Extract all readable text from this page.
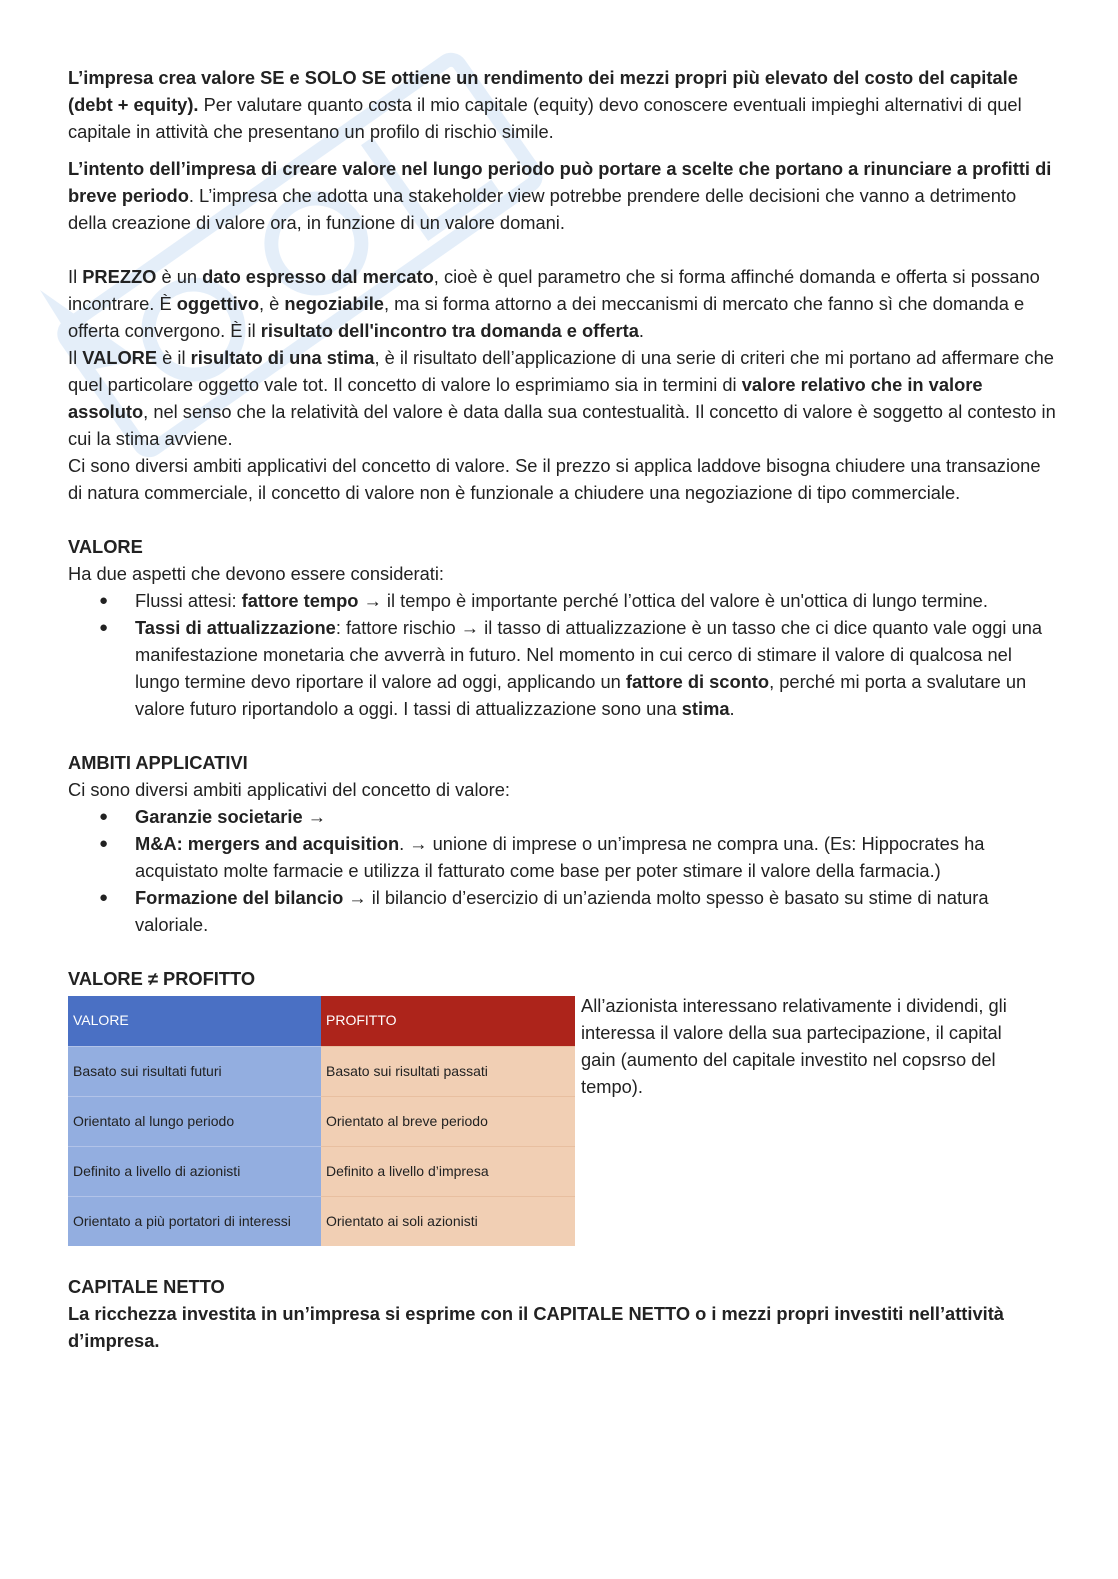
L’impresa crea valore SE e SOLO SE ottiene un rendimento dei mezzi propri più elevato del costo del capitale (debt + equity). Per valutare quanto costa il mio capitale (equity) devo conoscere eventuali impieghi alternativi di quel capitale in attività che presentano un profilo di rischio simile.

L’intento dell’impresa di creare valore nel lungo periodo può portare a scelte che portano a rinunciare a profitti di breve periodo. L’impresa che adotta una stakeholder view potrebbe prendere delle decisioni che vanno a detrimento della creazione di valore ora, in funzione di un valore domani.

Il PREZZO è un dato espresso dal mercato, cioè è quel parametro che si forma affinché domanda e offerta si possano incontrare. È oggettivo, è negoziabile, ma si forma attorno a dei meccanismi di mercato che fanno sì che domanda e offerta convergono. È il risultato dell'incontro tra domanda e offerta.

Il VALORE è il risultato di una stima, è il risultato dell’applicazione di una serie di criteri che mi portano ad affermare che quel particolare oggetto vale tot. Il concetto di valore lo esprimiamo sia in termini di valore relativo che in valore assoluto, nel senso che la relatività del valore è data dalla sua contestualità. Il concetto di valore è soggetto al contesto in cui la stima avviene.

Ci sono diversi ambiti applicativi del concetto di valore. Se il prezzo si applica laddove bisogna chiudere una transazione di natura commerciale, il concetto di valore non è funzionale a chiudere una negoziazione di tipo commerciale.

VALORE

Ha due aspetti che devono essere considerati:

● Flussi attesi: fattore tempo → il tempo è importante perché l’ottica del valore è un'ottica di lungo termine.
● Tassi di attualizzazione: fattore rischio → il tasso di attualizzazione è un tasso che ci dice quanto vale oggi una manifestazione monetaria che avverrà in futuro. Nel momento in cui cerco di stimare il valore di qualcosa nel lungo termine devo riportare il valore ad oggi, applicando un fattore di sconto, perché mi porta a svalutare un valore futuro riportandolo a oggi. I tassi di attualizzazione sono una stima.

AMBITI APPLICATIVI

Ci sono diversi ambiti applicativi del concetto di valore:

● Garanzie societarie →
● M&A: mergers and acquisition. → unione di imprese o un’impresa ne compra una. (Es: Hippocrates ha acquistato molte farmacie e utilizza il fatturato come base per poter stimare il valore della farmacia.)
● Formazione del bilancio → il bilancio d’esercizio di un’azienda molto spesso è basato su stime di natura valoriale.

VALORE ≠ PROFITTO

VALORE	PROFITTO
Basato sui risultati futuri	Basato sui risultati passati
Orientato al lungo periodo	Orientato al breve periodo
Definito a livello di azionisti	Definito a livello d’impresa
Orientato a più portatori di interessi	Orientato ai soli azionisti

All’azionista interessano relativamente i dividendi, gli interessa il valore della sua partecipazione, il capital gain (aumento del capitale investito nel copsrso del tempo).

CAPITALE NETTO

La ricchezza investita in un’impresa si esprime con il CAPITALE NETTO o i mezzi propri investiti nell’attività d’impresa.
